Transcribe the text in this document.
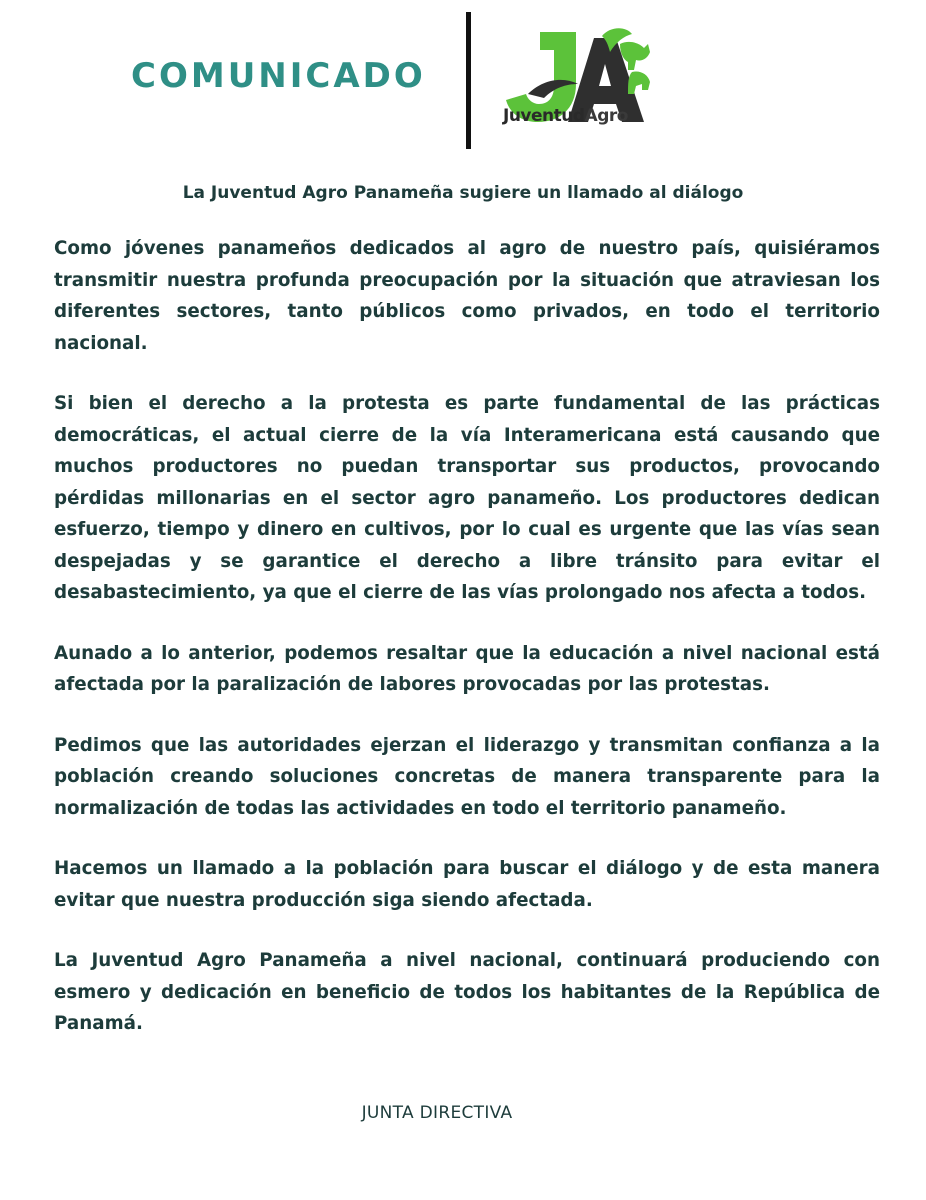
COMUNICADO
JuventudAgro
La Juventud Agro Panameña sugiere un llamado al diálogo

Como jóvenes panameños dedicados al agro de nuestro país, quisiéramos transmitir nuestra profunda preocupación por la situación que atraviesan los diferentes sectores, tanto públicos como privados, en todo el territorio nacional.

Si bien el derecho a la protesta es parte fundamental de las prácticas democráticas, el actual cierre de la vía Interamericana está causando que muchos productores no puedan transportar sus productos, provocando pérdidas millonarias en el sector agro panameño. Los productores dedican esfuerzo, tiempo y dinero en cultivos, por lo cual es urgente que las vías sean despejadas y se garantice el derecho a libre tránsito para evitar el desabastecimiento, ya que el cierre de las vías prolongado nos afecta a todos.

Aunado a lo anterior, podemos resaltar que la educación a nivel nacional está afectada por la paralización de labores provocadas por las protestas.

Pedimos que las autoridades ejerzan el liderazgo y transmitan confianza a la población creando soluciones concretas de manera transparente para la normalización de todas las actividades en todo el territorio panameño.

Hacemos un llamado a la población para buscar el diálogo y de esta manera evitar que nuestra producción siga siendo afectada.

La Juventud Agro Panameña a nivel nacional, continuará produciendo con esmero y dedicación en beneficio de todos los habitantes de la República de Panamá.

JUNTA DIRECTIVA
